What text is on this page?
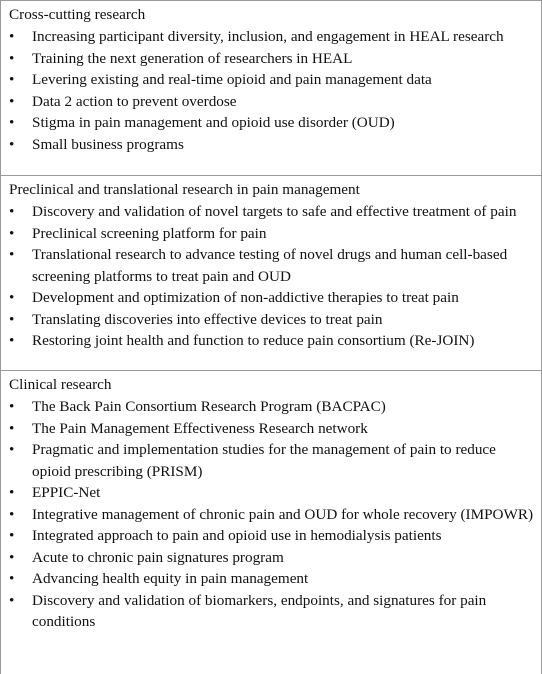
Cross-cutting research
•	Increasing participant diversity, inclusion, and engagement in HEAL research
•	Training the next generation of researchers in HEAL
•	Levering existing and real-time opioid and pain management data
•	Data 2 action to prevent overdose
•	Stigma in pain management and opioid use disorder (OUD)
•	Small business programs
Preclinical and translational research in pain management
•	Discovery and validation of novel targets to safe and effective treatment of pain
•	Preclinical screening platform for pain
•	Translational research to advance testing of novel drugs and human cell-based screening platforms to treat pain and OUD
•	Development and optimization of non-addictive therapies to treat pain
•	Translating discoveries into effective devices to treat pain
•	Restoring joint health and function to reduce pain consortium (Re-JOIN)
Clinical research
•	The Back Pain Consortium Research Program (BACPAC)
•	The Pain Management Effectiveness Research network
•	Pragmatic and implementation studies for the management of pain to reduce opioid prescribing (PRISM)
•	EPPIC-Net
•	Integrative management of chronic pain and OUD for whole recovery (IMPOWR)
•	Integrated approach to pain and opioid use in hemodialysis patients
•	Acute to chronic pain signatures program
•	Advancing health equity in pain management
•	Discovery and validation of biomarkers, endpoints, and signatures for pain conditions
